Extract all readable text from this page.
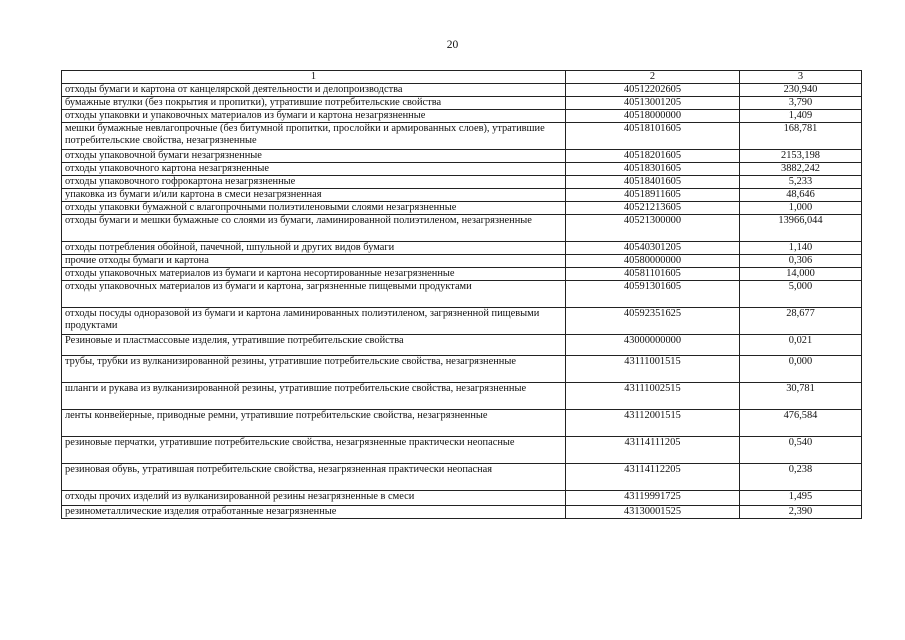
20
1	2	3
отходы бумаги и картона от канцелярской деятельности и делопроизводства	40512202605	230,940
бумажные втулки (без покрытия и пропитки), утратившие потребительские свойства	40513001205	3,790
отходы упаковки и упаковочных материалов из бумаги и картона незагрязненные	40518000000	1,409
мешки бумажные невлагопрочные (без битумной пропитки, прослойки и армированных слоев), утратившие потребительские свойства, незагрязненные	40518101605	168,781
отходы упаковочной бумаги незагрязненные	40518201605	2153,198
отходы упаковочного картона незагрязненные	40518301605	3882,242
отходы упаковочного гофрокартона незагрязненные	40518401605	5,233
упаковка из бумаги и/или картона в смеси незагрязненная	40518911605	48,646
отходы упаковки бумажной с влагопрочными полиэтиленовыми слоями незагрязненные	40521213605	1,000
отходы бумаги и мешки бумажные со слоями из бумаги, ламинированной полиэтиленом, незагрязненные	40521300000	13966,044
отходы потребления обойной, пачечной, шпульной и других видов бумаги	40540301205	1,140
прочие отходы бумаги и картона	40580000000	0,306
отходы упаковочных материалов из бумаги и картона несортированные незагрязненные	40581101605	14,000
отходы упаковочных материалов из бумаги и картона, загрязненные пищевыми продуктами	40591301605	5,000
отходы посуды одноразовой из бумаги и картона ламинированных полиэтиленом, загрязненной пищевыми продуктами	40592351625	28,677
Резиновые и пластмассовые изделия, утратившие потребительские свойства	43000000000	0,021
трубы, трубки из вулканизированной резины, утратившие потребительские свойства, незагрязненные	43111001515	0,000
шланги и рукава из вулканизированной резины, утратившие потребительские свойства, незагрязненные	43111002515	30,781
ленты конвейерные, приводные ремни, утратившие потребительские свойства, незагрязненные	43112001515	476,584
резиновые перчатки, утратившие потребительские свойства, незагрязненные практически неопасные	43114111205	0,540
резиновая обувь, утратившая потребительские свойства, незагрязненная практически неопасная	43114112205	0,238
отходы прочих изделий из вулканизированной резины незагрязненные в смеси	43119991725	1,495
резинометаллические изделия отработанные незагрязненные	43130001525	2,390
